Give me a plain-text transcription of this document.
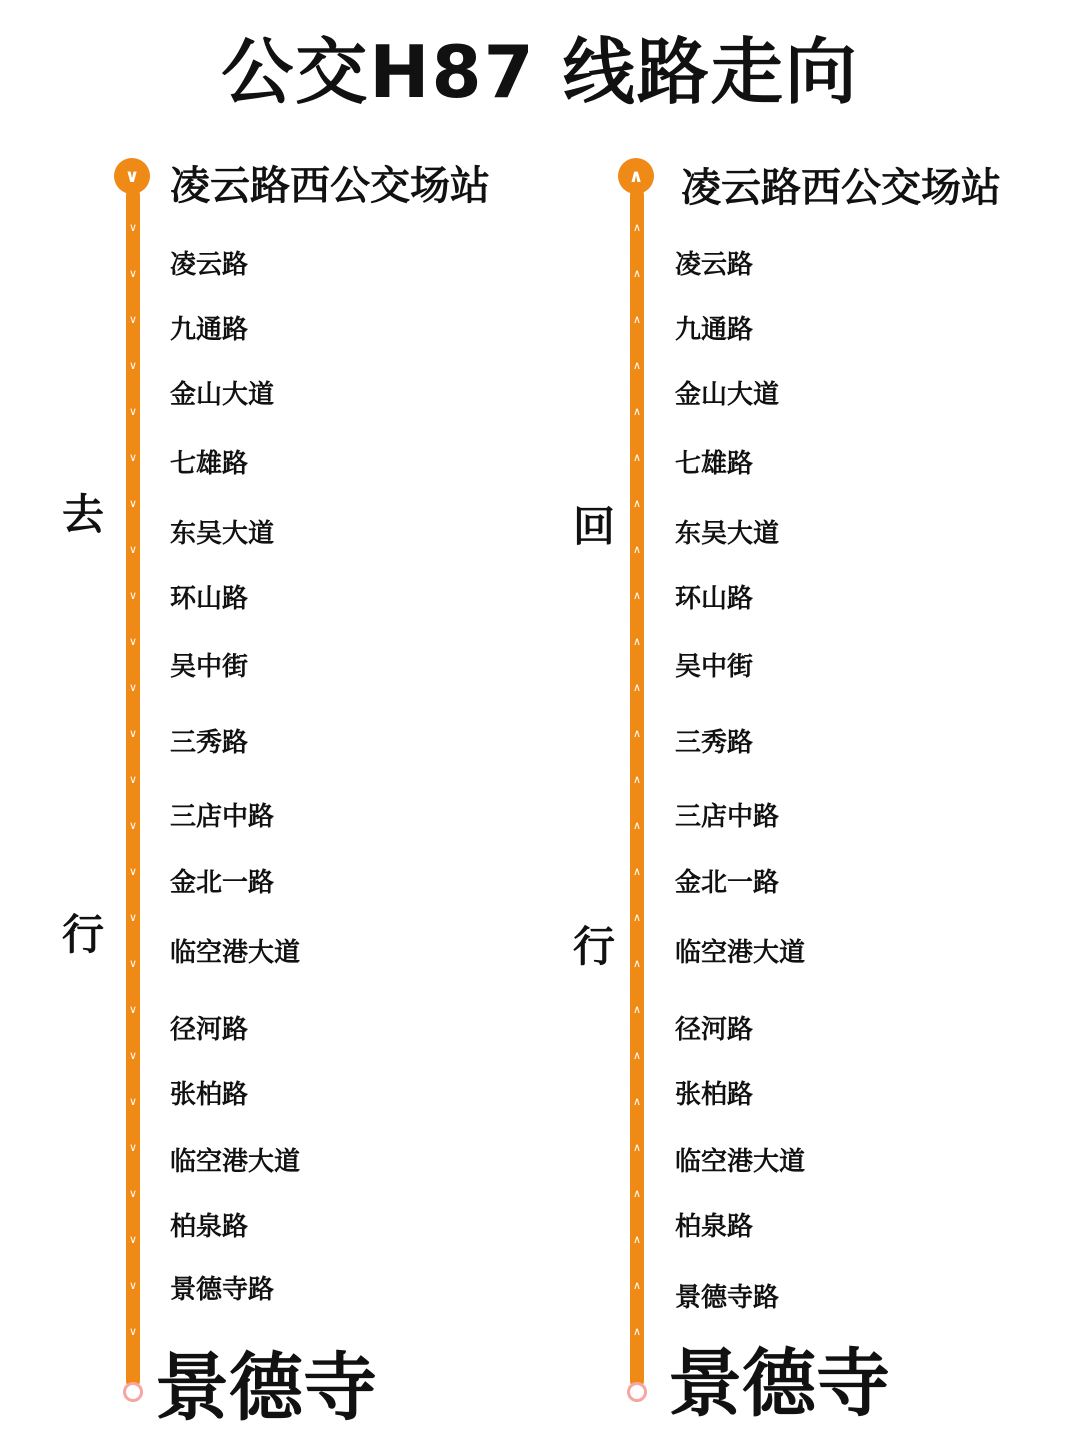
公交H87 线路走向
∨ 凌云路西公交场站
去
行
景德寺
凌云路
九通路
金山大道
七雄路
东吴大道
环山路
吴中街
三秀路
三店中路
金北一路
临空港大道
径河路
张柏路
临空港大道
柏泉路
景德寺路
∨
∨
∨
∨
∨
∨
∨
∨
∨
∨
∨
∨
∨
∨
∨
∨
∨
∨
∨
∨
∨
∨
∨
∨
∨
∧ 凌云路西公交场站
回
行
景德寺
凌云路
九通路
金山大道
七雄路
东吴大道
环山路
吴中街
三秀路
三店中路
金北一路
临空港大道
径河路
张柏路
临空港大道
柏泉路
景德寺路
∧
∧
∧
∧
∧
∧
∧
∧
∧
∧
∧
∧
∧
∧
∧
∧
∧
∧
∧
∧
∧
∧
∧
∧
∧
